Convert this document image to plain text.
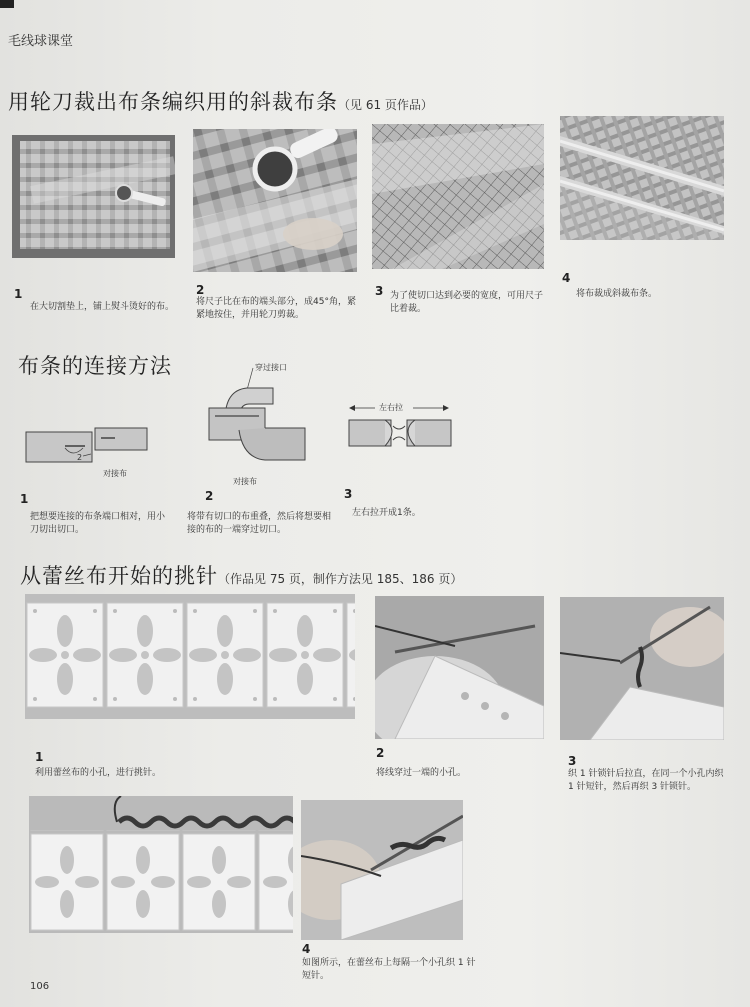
毛线球课堂
用轮刀裁出布条编织用的斜裁布条（见 61 页作品）
1
在大切割垫上，铺上熨斗烫好的布。
2
将尺子比在布的端头部分，成45°角，紧紧地按住，并用轮刀剪裁。
3 为了使切口达到必要的宽度，可用尺子比着裁。
4
将布裁成斜裁布条。
布条的连接方法
2
对接布
穿过接口
对接布
左右拉
1
把想要连接的布条端口相对，用小刀切出切口。
2
将带有切口的布重叠，然后将想要相接的布的一端穿过切口。
3
左右拉开成1条。
从蕾丝布开始的挑针（作品见 75 页，制作方法见 185、186 页）
1
利用蕾丝布的小孔，进行挑针。
2
将线穿过一端的小孔。
3
织 1 针锁针后拉直，在同一个小孔内织 1 针短针，然后再织 3 针锁针。
4
如图所示，在蕾丝布上每隔一个小孔织 1 针短针。
106
